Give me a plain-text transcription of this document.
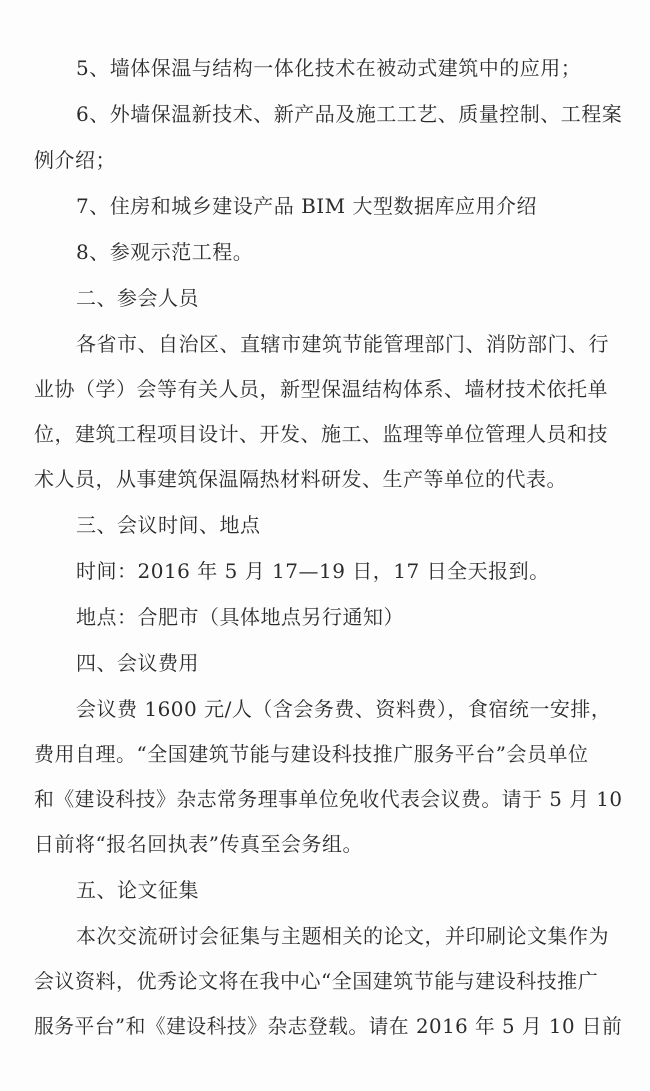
5、墙体保温与结构一体化技术在被动式建筑中的应用；

6、外墙保温新技术、新产品及施工工艺、质量控制、工程案

例介绍；

7、住房和城乡建设产品 BIM 大型数据库应用介绍

8、参观示范工程。

二、参会人员

各省市、自治区、直辖市建筑节能管理部门、消防部门、行

业协（学）会等有关人员，新型保温结构体系、墙材技术依托单

位，建筑工程项目设计、开发、施工、监理等单位管理人员和技

术人员，从事建筑保温隔热材料研发、生产等单位的代表。

三、会议时间、地点

时间：2016 年 5 月 17—19 日，17 日全天报到。

地点：合肥市（具体地点另行通知）

四、会议费用

会议费 1600 元/人（含会务费、资料费），食宿统一安排，

费用自理。“全国建筑节能与建设科技推广服务平台”会员单位

和《建设科技》杂志常务理事单位免收代表会议费。请于 5 月 10

日前将“报名回执表”传真至会务组。

五、论文征集

本次交流研讨会征集与主题相关的论文，并印刷论文集作为

会议资料，优秀论文将在我中心“全国建筑节能与建设科技推广

服务平台”和《建设科技》杂志登载。请在 2016 年 5 月 10 日前
